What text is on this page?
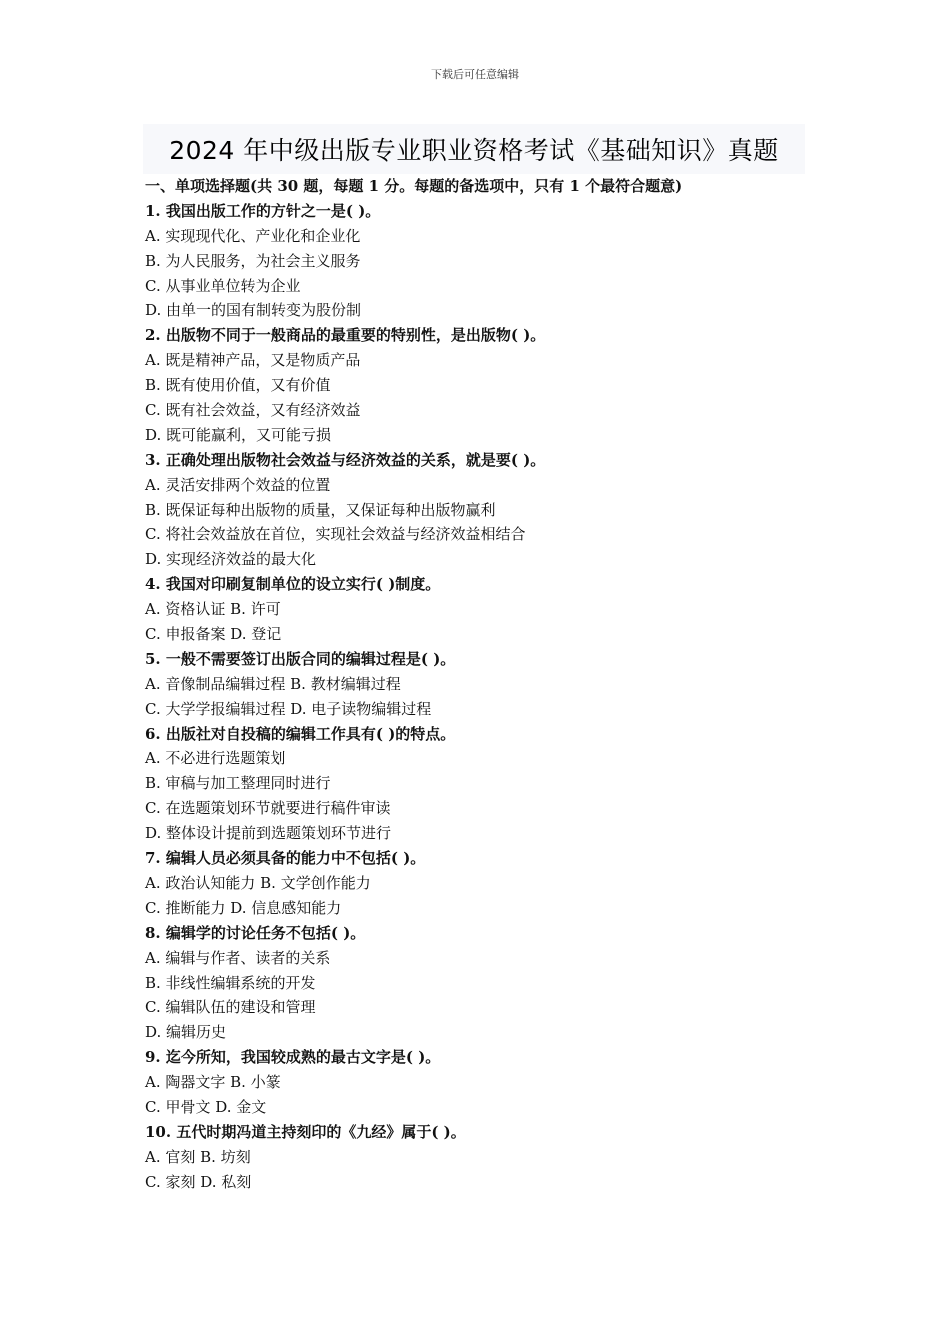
下载后可任意编辑
2024 年中级出版专业职业资格考试《基础知识》真题
一、单项选择题(共 30 题，每题 1 分。每题的备选项中，只有 1 个最符合题意)
1. 我国出版工作的方针之一是( )。
A. 实现现代化、产业化和企业化
B. 为人民服务，为社会主义服务
C. 从事业单位转为企业
D. 由单一的国有制转变为股份制
2. 出版物不同于一般商品的最重要的特别性，是出版物( )。
A. 既是精神产品，又是物质产品
B. 既有使用价值，又有价值
C. 既有社会效益，又有经济效益
D. 既可能赢利，又可能亏损
3. 正确处理出版物社会效益与经济效益的关系，就是要( )。
A. 灵活安排两个效益的位置
B. 既保证每种出版物的质量，又保证每种出版物赢利
C. 将社会效益放在首位，实现社会效益与经济效益相结合
D. 实现经济效益的最大化
4. 我国对印刷复制单位的设立实行( )制度。
A. 资格认证 B. 许可
C. 申报备案 D. 登记
5. 一般不需要签订出版合同的编辑过程是( )。
A. 音像制品编辑过程 B. 教材编辑过程
C. 大学学报编辑过程 D. 电子读物编辑过程
6. 出版社对自投稿的编辑工作具有( )的特点。
A. 不必进行选题策划
B. 审稿与加工整理同时进行
C. 在选题策划环节就要进行稿件审读
D. 整体设计提前到选题策划环节进行
7. 编辑人员必须具备的能力中不包括( )。
A. 政治认知能力 B. 文学创作能力
C. 推断能力 D. 信息感知能力
8. 编辑学的讨论任务不包括( )。
A. 编辑与作者、读者的关系
B. 非线性编辑系统的开发
C. 编辑队伍的建设和管理
D. 编辑历史
9. 迄今所知，我国较成熟的最古文字是( )。
A. 陶器文字 B. 小篆
C. 甲骨文 D. 金文
10. 五代时期冯道主持刻印的《九经》属于( )。
A. 官刻 B. 坊刻
C. 家刻 D. 私刻
